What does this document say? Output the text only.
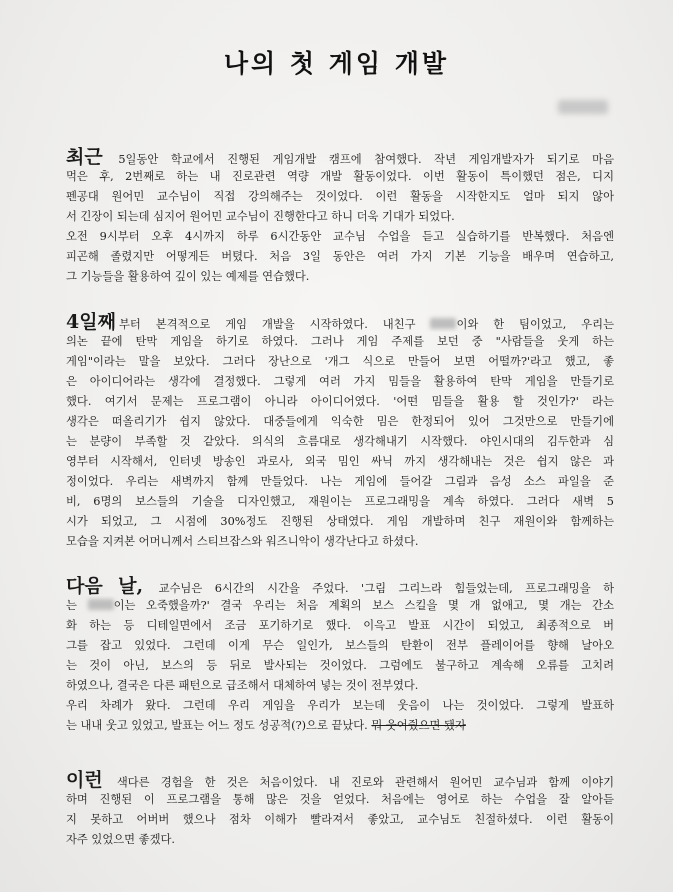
나의 첫 게임 개발
최근 5일동안 학교에서 진행된 게임개발 캠프에 참여했다. 작년 게임개발자가 되기로 마음
먹은 후, 2번째로 하는 내 진로관련 역량 개발 활동이었다. 이번 활동이 특이했던 점은, 디지
펜공대 원어민 교수님이 직접 강의해주는 것이었다. 이런 활동을 시작한지도 얼마 되지 않아
서 긴장이 되는데 심지어 원어민 교수님이 진행한다고 하니 더욱 기대가 되었다.
오전 9시부터 오후 4시까지 하루 6시간동안 교수님 수업을 듣고 실습하기를 반복했다. 처음엔
피곤해 졸렸지만 어떻게든 버텼다. 처음 3일 동안은 여러 가지 기본 기능을 배우며 연습하고,
그 기능들을 활용하여 깊이 있는 예제를 연습했다.
4일째 부터 본격적으로 게임 개발을 시작하였다. 내친구 이와 한 팀이었고, 우리는
의논 끝에 탄막 게임을 하기로 하였다. 그러나 게임 주제를 보던 중 "사람들을 웃게 하는
게임"이라는 말을 보았다. 그러다 장난으로 '개그 식으로 만들어 보면 어떨까?'라고 했고, 좋
은 아이디어라는 생각에 결정했다. 그렇게 여러 가지 밈들을 활용하여 탄막 게임을 만들기로
했다. 여기서 문제는 프로그램이 아니라 아이디어였다. '어떤 밈들을 활용 할 것인가?' 라는
생각은 떠올리기가 쉽지 않았다. 대중들에게 익숙한 밈은 한정되어 있어 그것만으로 만들기에
는 분량이 부족할 것 같았다. 의식의 흐름대로 생각해내기 시작했다. 야인시대의 김두한과 심
영부터 시작해서, 인터넷 방송인 과로사, 외국 밈인 싸닉 까지 생각해내는 것은 쉽지 않은 과
정이었다. 우리는 새벽까지 함께 만들었다. 나는 게임에 들어갈 그림과 음성 소스 파일을 준
비, 6명의 보스들의 기술을 디자인했고, 재원이는 프로그래밍을 계속 하였다. 그러다 새벽 5
시가 되었고, 그 시점에 30%정도 진행된 상태였다. 게임 개발하며 친구 재원이와 함께하는
모습을 지켜본 어머니께서 스티브잡스와 워즈니악이 생각난다고 하셨다.
다음 날, 교수님은 6시간의 시간을 주었다. '그림 그리느라 힘들었는데, 프로그래밍을 하
는 이는 오죽했을까?' 결국 우리는 처음 계획의 보스 스킬을 몇 개 없애고, 몇 개는 간소
화 하는 등 디테일면에서 조금 포기하기로 했다. 이윽고 발표 시간이 되었고, 최종적으로 버
그를 잡고 있었다. 그런데 이게 무슨 일인가, 보스들의 탄환이 전부 플레이어를 향해 날아오
는 것이 아닌, 보스의 등 뒤로 발사되는 것이었다. 그럼에도 불구하고 계속해 오류를 고치려
하였으나, 결국은 다른 패턴으로 급조해서 대체하여 넣는 것이 전부였다.
우리 차례가 왔다. 그런데 우리 게임을 우리가 보는데 웃음이 나는 것이었다. 그렇게 발표하
는 내내 웃고 있었고, 발표는 어느 정도 성공적(?)으로 끝났다. 뭐 웃어줬으면 됐자
이런 색다른 경험을 한 것은 처음이었다. 내 진로와 관련해서 원어민 교수님과 함께 이야기
하며 진행된 이 프로그램을 통해 많은 것을 얻었다. 처음에는 영어로 하는 수업을 잘 알아듣
지 못하고 어버버 했으나 점차 이해가 빨라져서 좋았고, 교수님도 친절하셨다. 이런 활동이
자주 있었으면 좋겠다.
